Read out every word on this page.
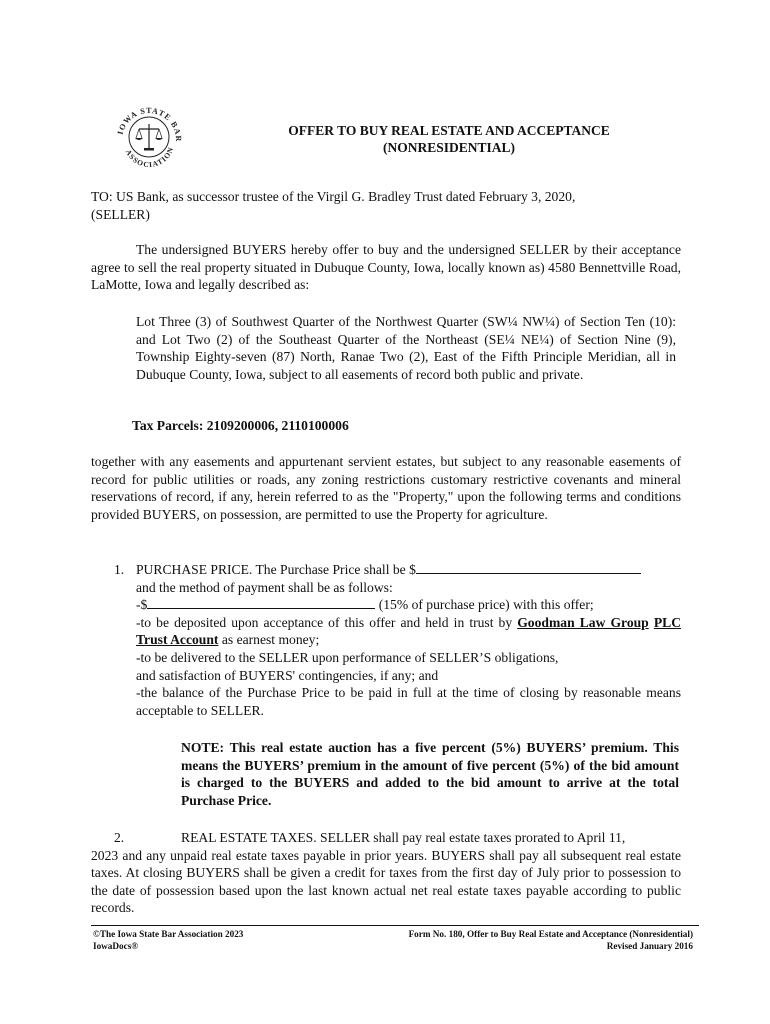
IOWA STATE BAR
ASSOCIATION
OFFER TO BUY REAL ESTATE AND ACCEPTANCE
(NONRESIDENTIAL)
TO: US Bank, as successor trustee of the Virgil G. Bradley Trust dated February 3, 2020,
(SELLER)
The undersigned BUYERS hereby offer to buy and the undersigned SELLER by their acceptance agree to sell the real property situated in Dubuque County, Iowa, locally known as) 4580 Bennettville Road, LaMotte, Iowa and legally described as:
Lot Three (3) of Southwest Quarter of the Northwest Quarter (SW¼ NW¼) of Section Ten (10): and Lot Two (2) of the Southeast Quarter of the Northeast (SE¼ NE¼) of Section Nine (9), Township Eighty-seven (87) North, Ranae Two (2), East of the Fifth Principle Meridian, all in Dubuque County, Iowa, subject to all easements of record both public and private.
Tax Parcels: 2109200006, 2110100006
together with any easements and appurtenant servient estates, but subject to any reasonable easements of record for public utilities or roads, any zoning restrictions customary restrictive covenants and mineral reservations of record, if any, herein referred to as the "Property," upon the following terms and conditions provided BUYERS, on possession, are permitted to use the Property for agriculture.
1. PURCHASE PRICE. The Purchase Price shall be $
and the method of payment shall be as follows:
-$	(15% of purchase price) with this offer;
-to be deposited upon acceptance of this offer and held in trust by Goodman Law Group PLC Trust Account as earnest money;
-to be delivered to the SELLER upon performance of SELLER’S obligations,
and satisfaction of BUYERS' contingencies, if any; and
-the balance of the Purchase Price to be paid in full at the time of closing by reasonable means acceptable to SELLER.
NOTE: This real estate auction has a five percent (5%) BUYERS’ premium. This means the BUYERS’ premium in the amount of five percent (5%) of the bid amount is charged to the BUYERS and added to the bid amount to arrive at the total Purchase Price.
2.	REAL ESTATE TAXES. SELLER shall pay real estate taxes prorated to April 11,
2023 and any unpaid real estate taxes payable in prior years. BUYERS shall pay all subsequent real estate taxes. At closing BUYERS shall be given a credit for taxes from the first day of July prior to possession to the date of possession based upon the last known actual net real estate taxes payable according to public records.
©The Iowa State Bar Association 2023
IowaDocs®
Form No. 180, Offer to Buy Real Estate and Acceptance (Nonresidential)
Revised January 2016
